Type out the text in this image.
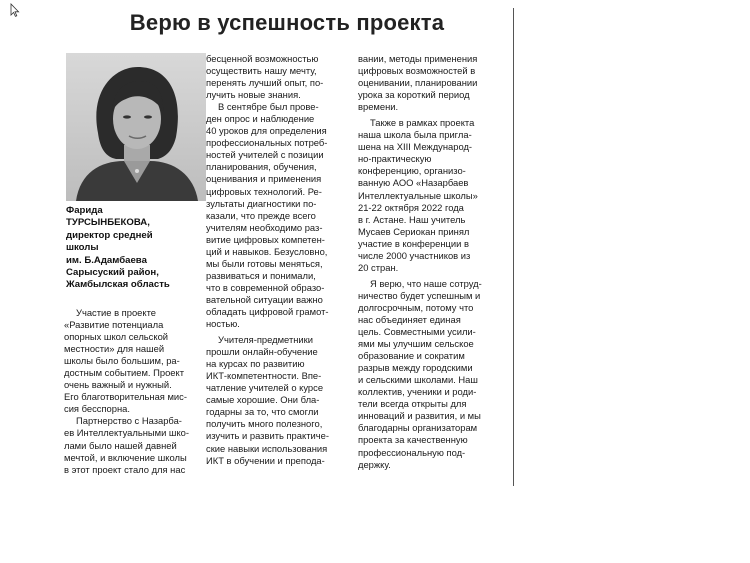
Верю в успешность проекта
Фарида
ТУРСЫНБЕКОВА,
директор средней
школы
им. Б.Адамбаева
Сарысуский район,
Жамбылская область
Участие в проекте
«Развитие потенциала
опорных школ сельской
местности» для нашей
школы было большим, ра-
достным событием. Проект
очень важный и нужный.
Его благотворительная мис-
сия бесспорна.
Партнерство с Назарба-
ев Интеллектуальными шко-
лами было нашей давней
мечтой, и включение школы
в этот проект стало для нас
бесценной возможностью
осуществить нашу мечту,
перенять лучший опыт, по-
лучить новые знания.
В сентябре был прове-
ден опрос и наблюдение
40 уроков для определения
профессиональных потреб-
ностей учителей с позиции
планирования, обучения,
оценивания и применения
цифровых технологий. Ре-
зультаты диагностики по-
казали, что прежде всего
учителям необходимо раз-
витие цифровых компетен-
ций и навыков. Безусловно,
мы были готовы меняться,
развиваться и понимали,
что в современной образо-
вательной ситуации важно
обладать цифровой грамот-
ностью.
Учителя-предметники
прошли онлайн-обучение
на курсах по развитию
ИКТ-компетентности. Впе-
чатление учителей о курсе
самые хорошие. Они бла-
годарны за то, что смогли
получить много полезного,
изучить и развить практиче-
ские навыки использования
ИКТ в обучении и препода-
вании, методы применения
цифровых возможностей в
оценивании, планировании
урока за короткий период
времени.
Также в рамках проекта
наша школа была пригла-
шена на XIII Международ-
но-практическую
конференцию, организо-
ванную АОО «Назарбаев
Интеллектуальные школы»
21-22 октября 2022 года
в г. Астане. Наш учитель
Мусаев Сериокан принял
участие в конференции в
числе 2000 участников из
20 стран.
Я верю, что наше сотруд-
ничество будет успешным и
долгосрочным, потому что
нас объединяет единая
цель. Совместными усили-
ями мы улучшим сельское
образование и сократим
разрыв между городскими
и сельскими школами. Наш
коллектив, ученики и роди-
тели всегда открыты для
инноваций и развития, и мы
благодарны организаторам
проекта за качественную
профессиональную под-
держку.
